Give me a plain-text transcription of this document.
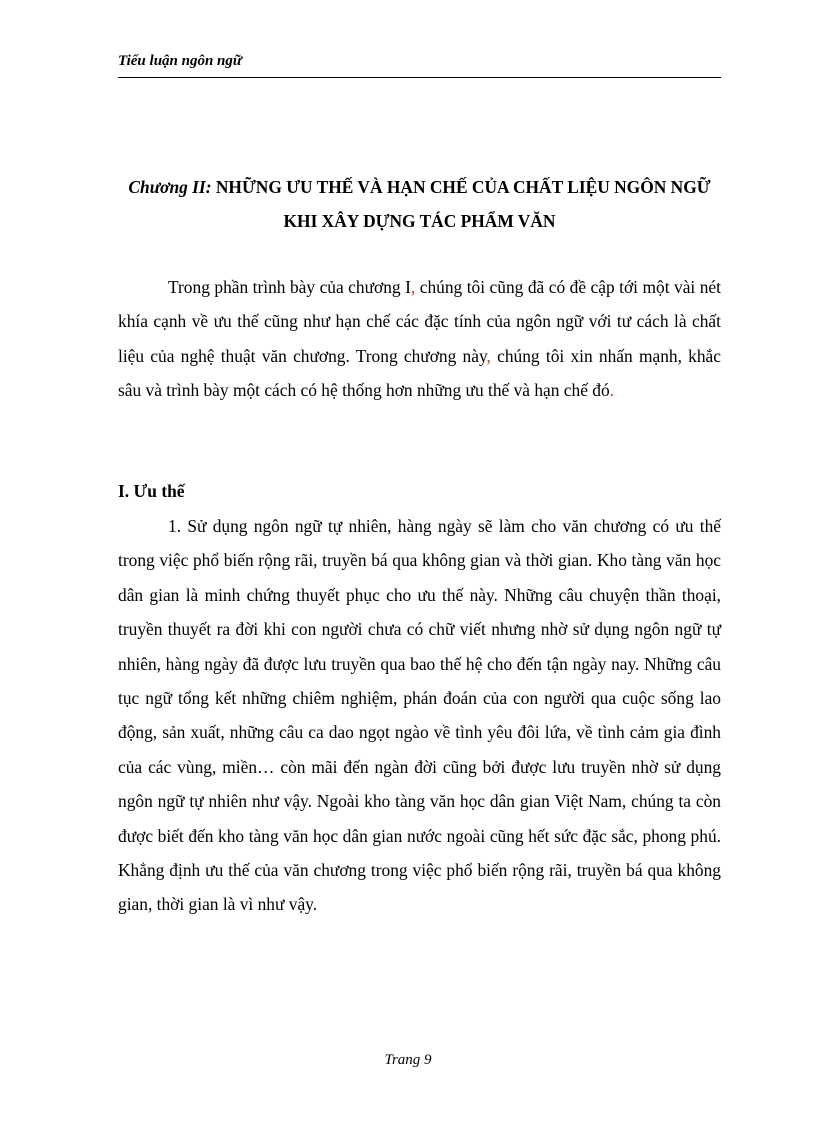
Tiểu luận ngôn ngữ
Chương II: NHỮNG ƯU THẾ VÀ HẠN CHẾ CỦA CHẤT LIỆU NGÔN NGỮ KHI XÂY DỰNG TÁC PHẨM VĂN

Trong phần trình bày của chương I, chúng tôi cũng đã có đề cập tới một vài nét khía cạnh về ưu thế cũng như hạn chế các đặc tính của ngôn ngữ với tư cách là chất liệu của nghệ thuật văn chương. Trong chương này, chúng tôi xin nhấn mạnh, khắc sâu và trình bày một cách có hệ thống hơn những ưu thế và hạn chế đó.

I. Ưu thế

1. Sử dụng ngôn ngữ tự nhiên, hàng ngày sẽ làm cho văn chương có ưu thế trong việc phổ biến rộng rãi, truyền bá qua không gian và thời gian. Kho tàng văn học dân gian là minh chứng thuyết phục cho ưu thế này. Những câu chuyện thần thoại, truyền thuyết ra đời khi con người chưa có chữ viết nhưng nhờ sử dụng ngôn ngữ tự nhiên, hàng ngày đã được lưu truyền qua bao thế hệ cho đến tận ngày nay. Những câu tục ngữ tổng kết những chiêm nghiệm, phán đoán của con người qua cuộc sống lao động, sản xuất, những câu ca dao ngọt ngào về tình yêu đôi lứa, về tình cảm gia đình của các vùng, miền… còn mãi đến ngàn đời cũng bởi được lưu truyền nhờ sử dụng ngôn ngữ tự nhiên như vậy. Ngoài kho tàng văn học dân gian Việt Nam, chúng ta còn được biết đến kho tàng văn học dân gian nước ngoài cũng hết sức đặc sắc, phong phú. Khẳng định ưu thế của văn chương trong việc phổ biến rộng rãi, truyền bá qua không gian, thời gian là vì như vậy.

Trang 9
